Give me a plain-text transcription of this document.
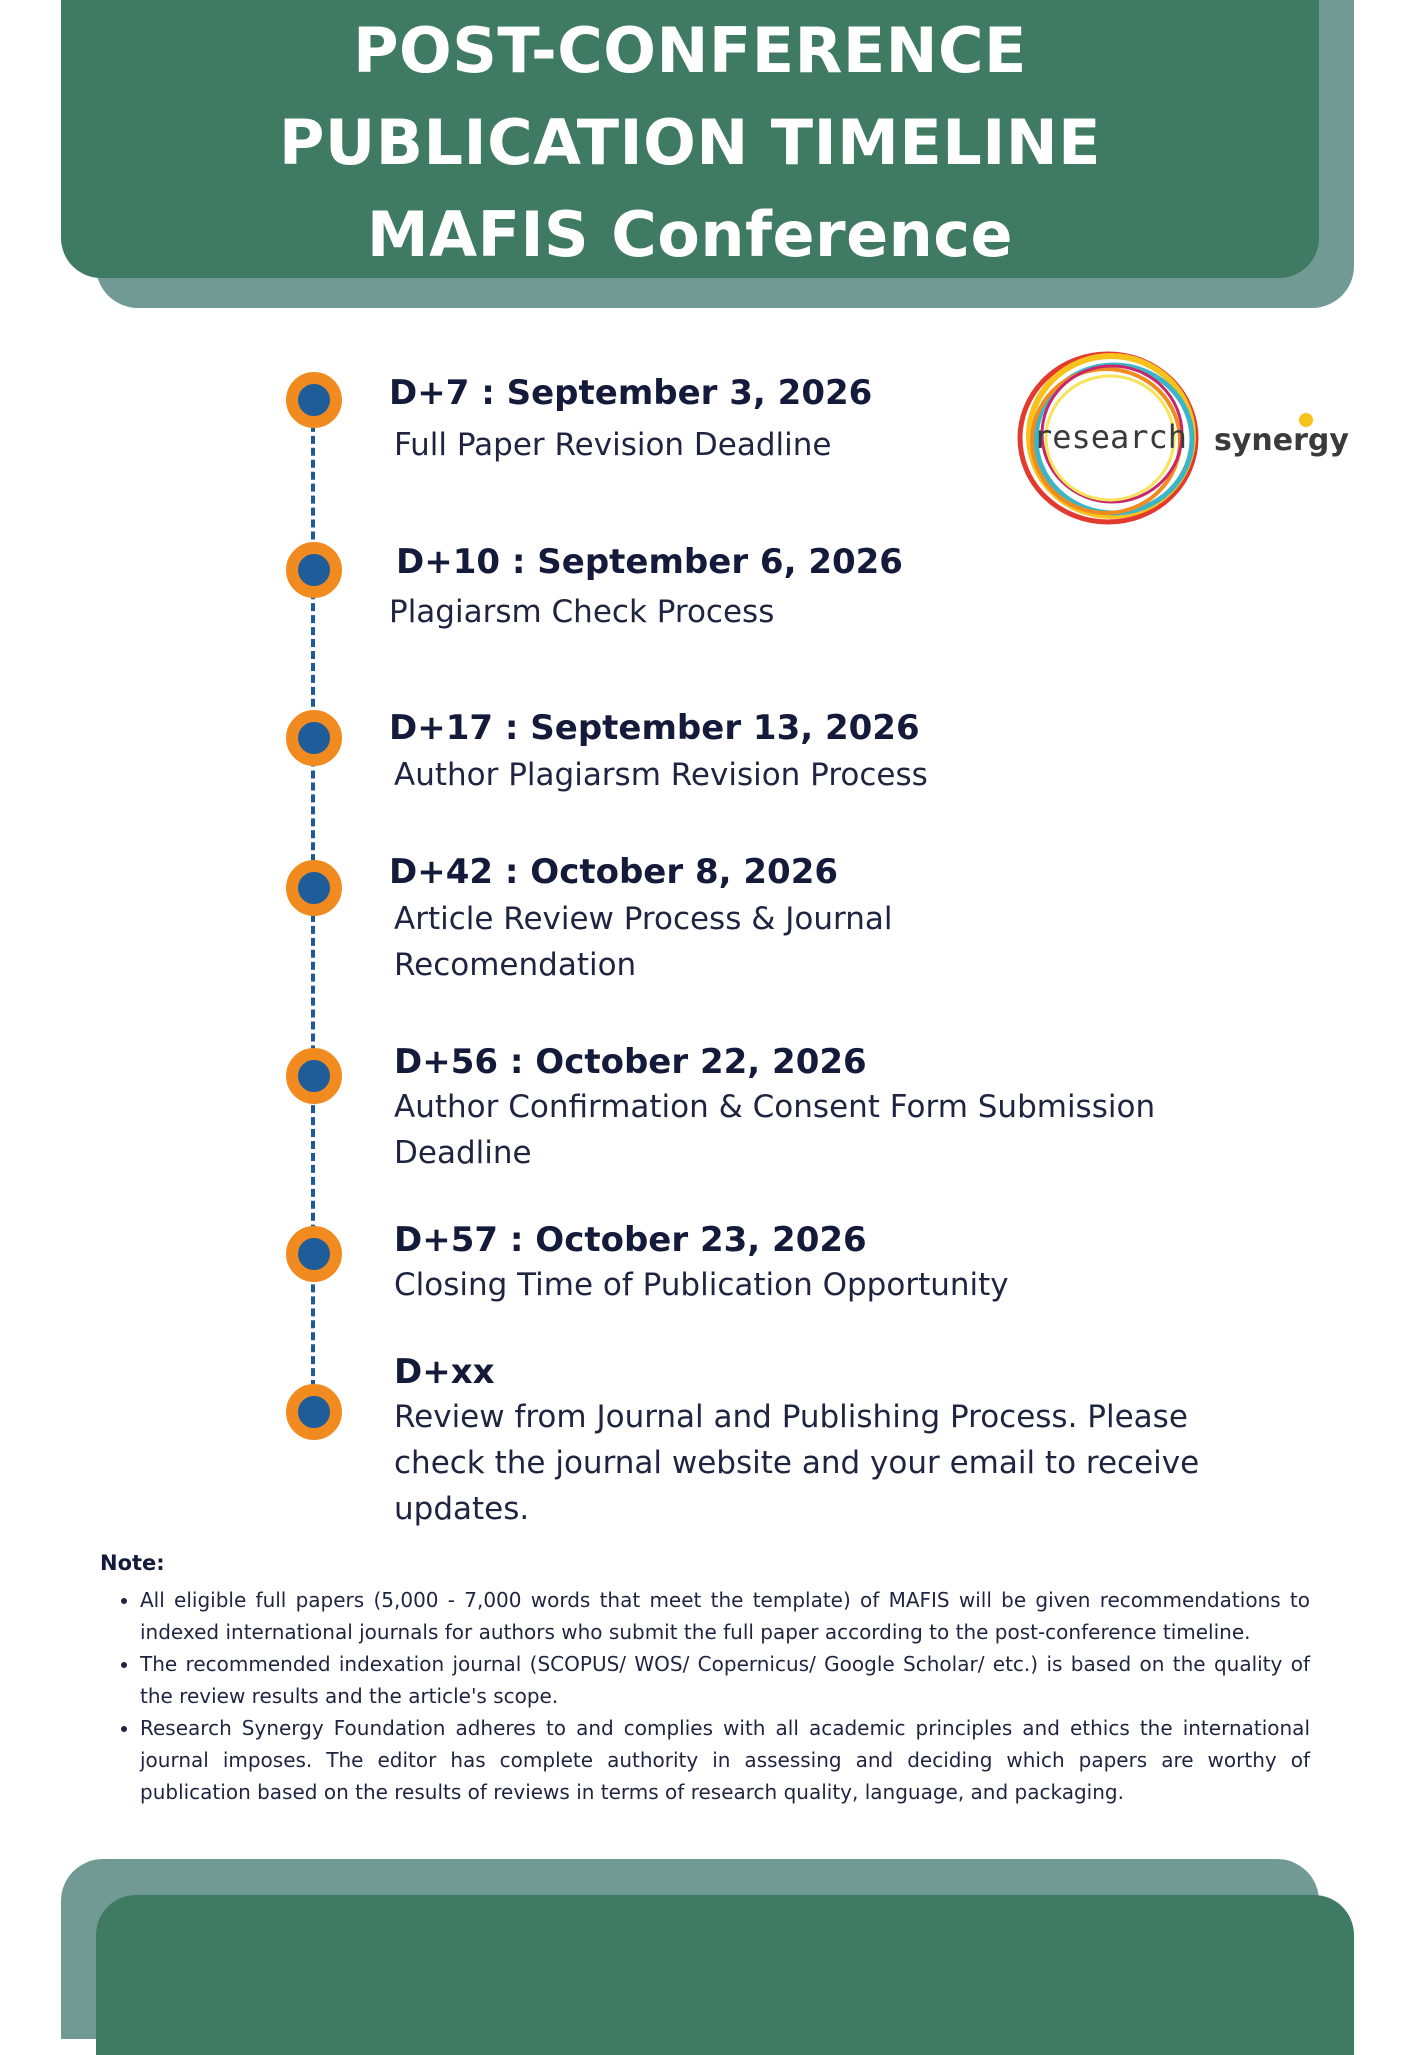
POST-CONFERENCE
PUBLICATION TIMELINE
MAFIS Conference
research synergy
D+7 : September 3, 2026
Full Paper Revision Deadline
D+10 : September 6, 2026
Plagiarsm Check Process
D+17 : September 13, 2026
Author Plagiarsm Revision Process
D+42 : October 8, 2026
Article Review Process & Journal
Recomendation
D+56 : October 22, 2026
Author Confirmation & Consent Form Submission
Deadline
D+57 : October 23, 2026
Closing Time of Publication Opportunity
D+xx
Review from Journal and Publishing Process. Please
check the journal website and your email to receive
updates.
Note:
• All eligible full papers (5,000 - 7,000 words that meet the template) of MAFIS will be given recommendations to indexed international journals for authors who submit the full paper according to the post-conference timeline.
• The recommended indexation journal (SCOPUS/ WOS/ Copernicus/ Google Scholar/ etc.) is based on the quality of the review results and the article's scope.
• Research Synergy Foundation adheres to and complies with all academic principles and ethics the international journal imposes. The editor has complete authority in assessing and deciding which papers are worthy of publication based on the results of reviews in terms of research quality, language, and packaging.
